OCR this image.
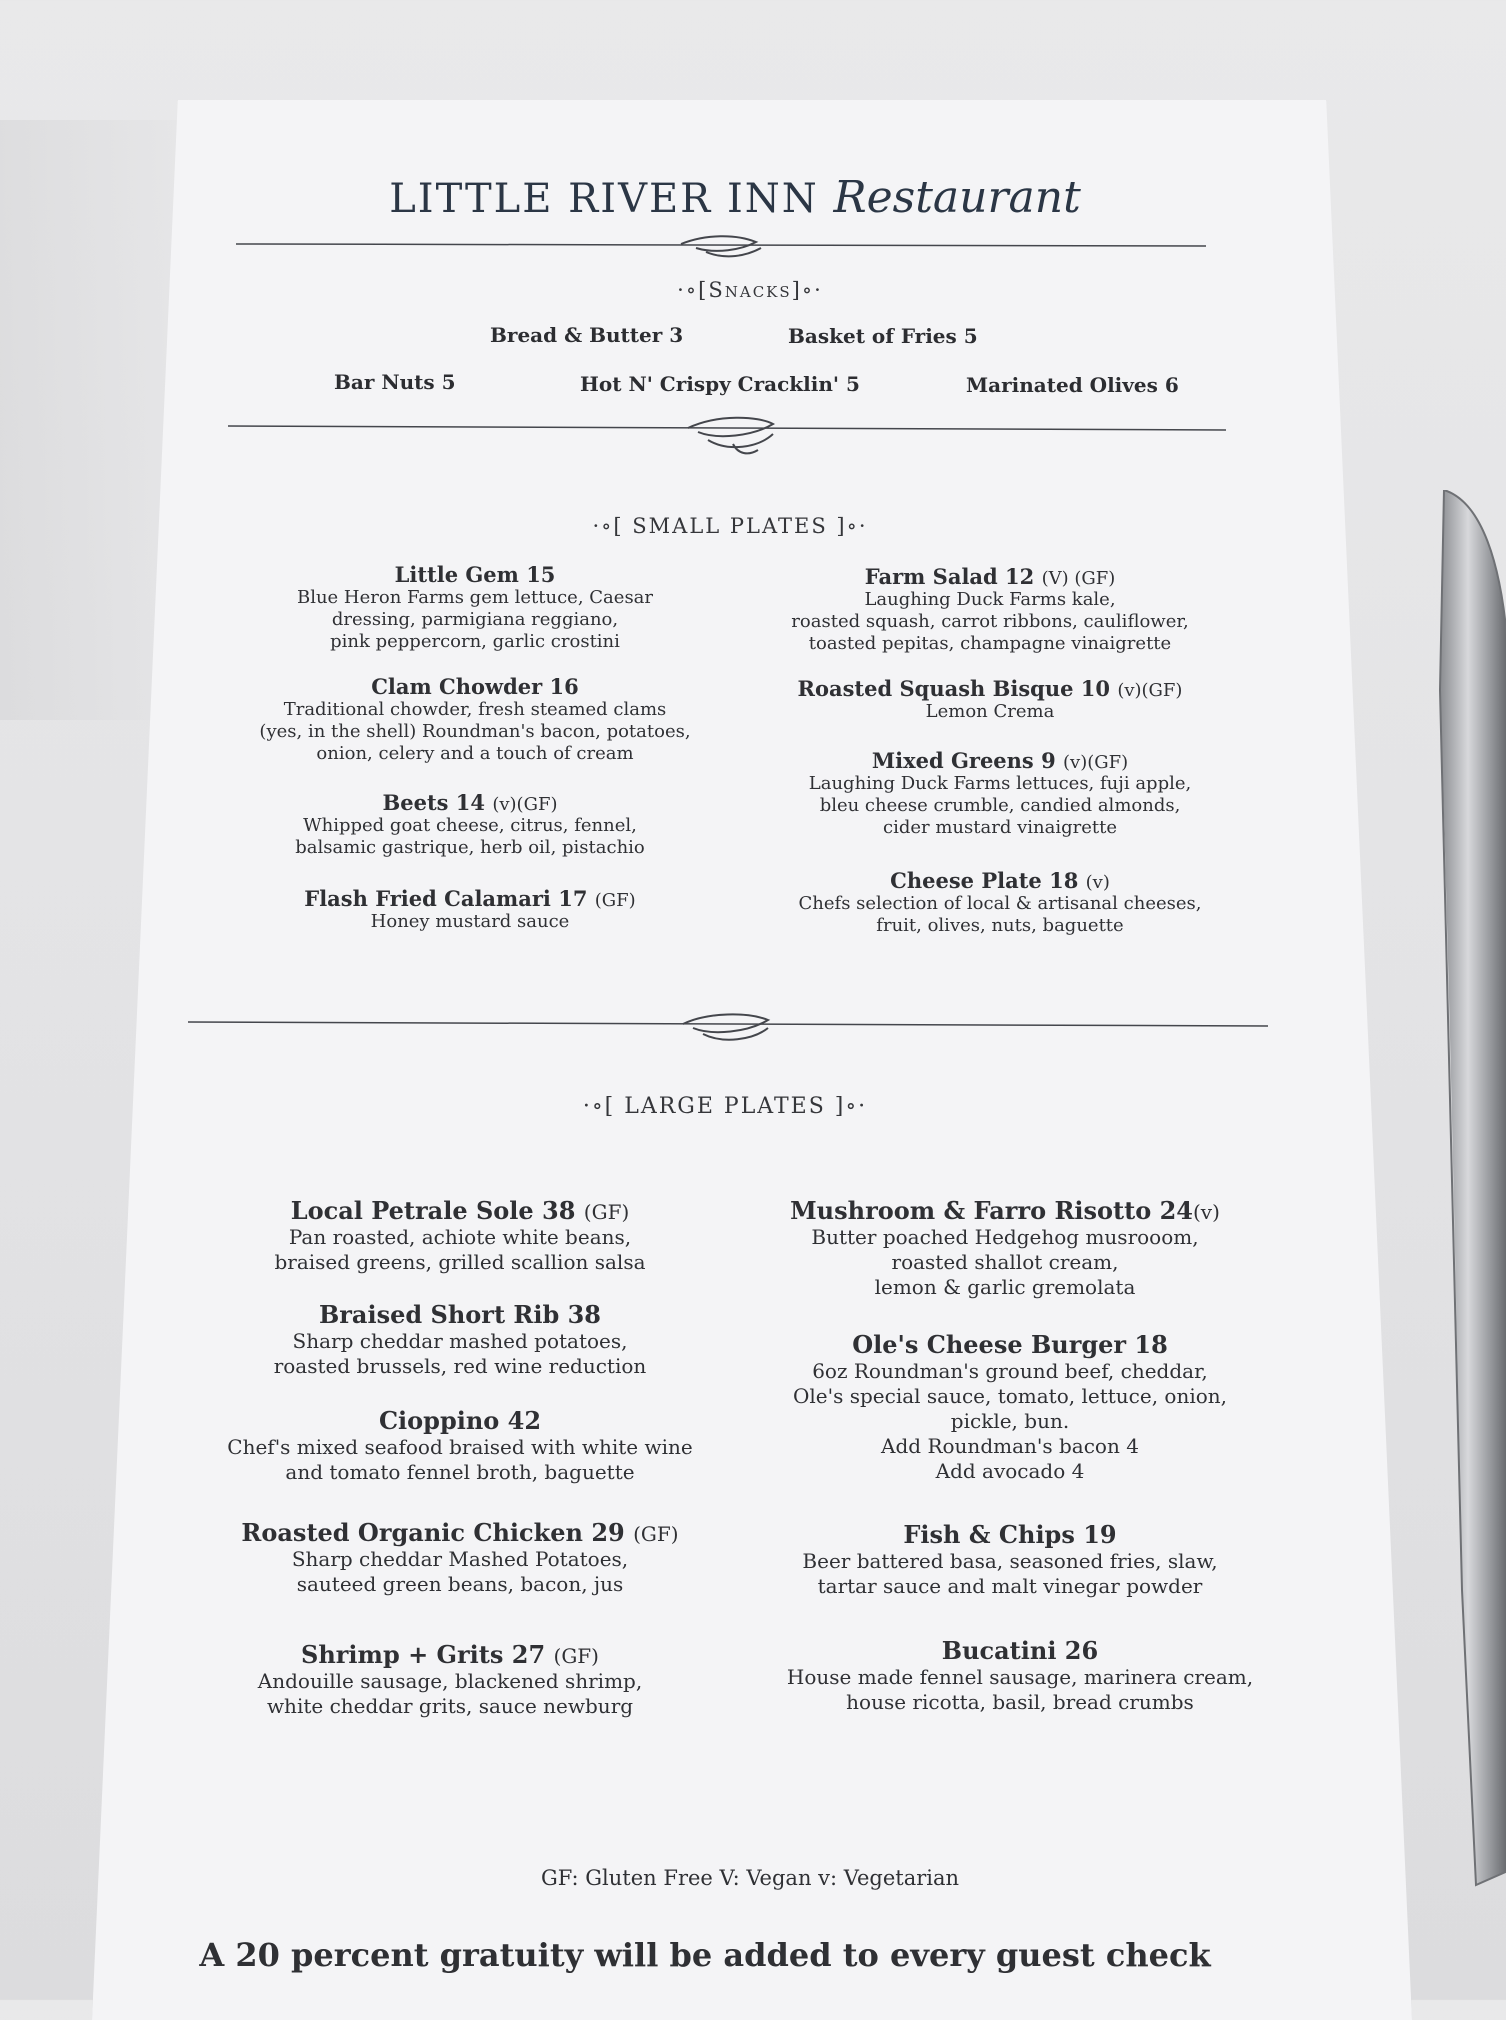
LITTLE RIVER INN Restaurant
·∘[Snacks]∘·
Bread & Butter 3	Basket of Fries 5
Bar Nuts 5	Hot N' Crispy Cracklin' 5	Marinated Olives 6
·∘[ SMALL PLATES ]∘·
Little Gem 15
Blue Heron Farms gem lettuce, Caesar
dressing, parmigiana reggiano,
pink peppercorn, garlic crostini
Clam Chowder 16
Traditional chowder, fresh steamed clams
(yes, in the shell) Roundman's bacon, potatoes,
onion, celery and a touch of cream
Beets 14 (v)(GF)
Whipped goat cheese, citrus, fennel,
balsamic gastrique, herb oil, pistachio
Flash Fried Calamari 17 (GF)
Honey mustard sauce
Farm Salad 12 (V) (GF)
Laughing Duck Farms kale,
roasted squash, carrot ribbons, cauliflower,
toasted pepitas, champagne vinaigrette
Roasted Squash Bisque 10 (v)(GF)
Lemon Crema
Mixed Greens 9 (v)(GF)
Laughing Duck Farms lettuces, fuji apple,
bleu cheese crumble, candied almonds,
cider mustard vinaigrette
Cheese Plate 18 (v)
Chefs selection of local & artisanal cheeses,
fruit, olives, nuts, baguette
·∘[ LARGE PLATES ]∘·
Local Petrale Sole 38 (GF)
Pan roasted, achiote white beans,
braised greens, grilled scallion salsa
Braised Short Rib 38
Sharp cheddar mashed potatoes,
roasted brussels, red wine reduction
Cioppino 42
Chef's mixed seafood braised with white wine
and tomato fennel broth, baguette
Roasted Organic Chicken 29 (GF)
Sharp cheddar Mashed Potatoes,
sauteed green beans, bacon, jus
Shrimp + Grits 27 (GF)
Andouille sausage, blackened shrimp,
white cheddar grits, sauce newburg
Mushroom & Farro Risotto 24(v)
Butter poached Hedgehog musrooom,
roasted shallot cream,
lemon & garlic gremolata
Ole's Cheese Burger 18
6oz Roundman's ground beef, cheddar,
Ole's special sauce, tomato, lettuce, onion,
pickle, bun.
Add Roundman's bacon 4
Add avocado 4
Fish & Chips 19
Beer battered basa, seasoned fries, slaw,
tartar sauce and malt vinegar powder
Bucatini 26
House made fennel sausage, marinera cream,
house ricotta, basil, bread crumbs
GF: Gluten Free V: Vegan v: Vegetarian
A 20 percent gratuity will be added to every guest check
